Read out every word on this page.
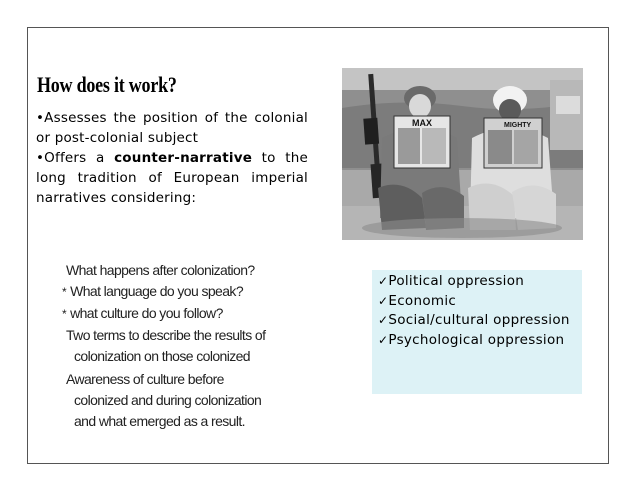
How does it work?

•Assesses the position of the colonial or post-colonial subject

•Offers a counter-narrative to the long tradition of European imperial narratives considering:

MAX	MIGHTY
What happens after colonization?
* What language do you speak?
* what culture do you follow?
Two terms to describe the results of
colonization on those colonized
Awareness of culture before
colonized and during colonization
and what emerged as a result.
✓Political oppression
✓Economic
✓Social/cultural oppression
✓Psychological oppression
